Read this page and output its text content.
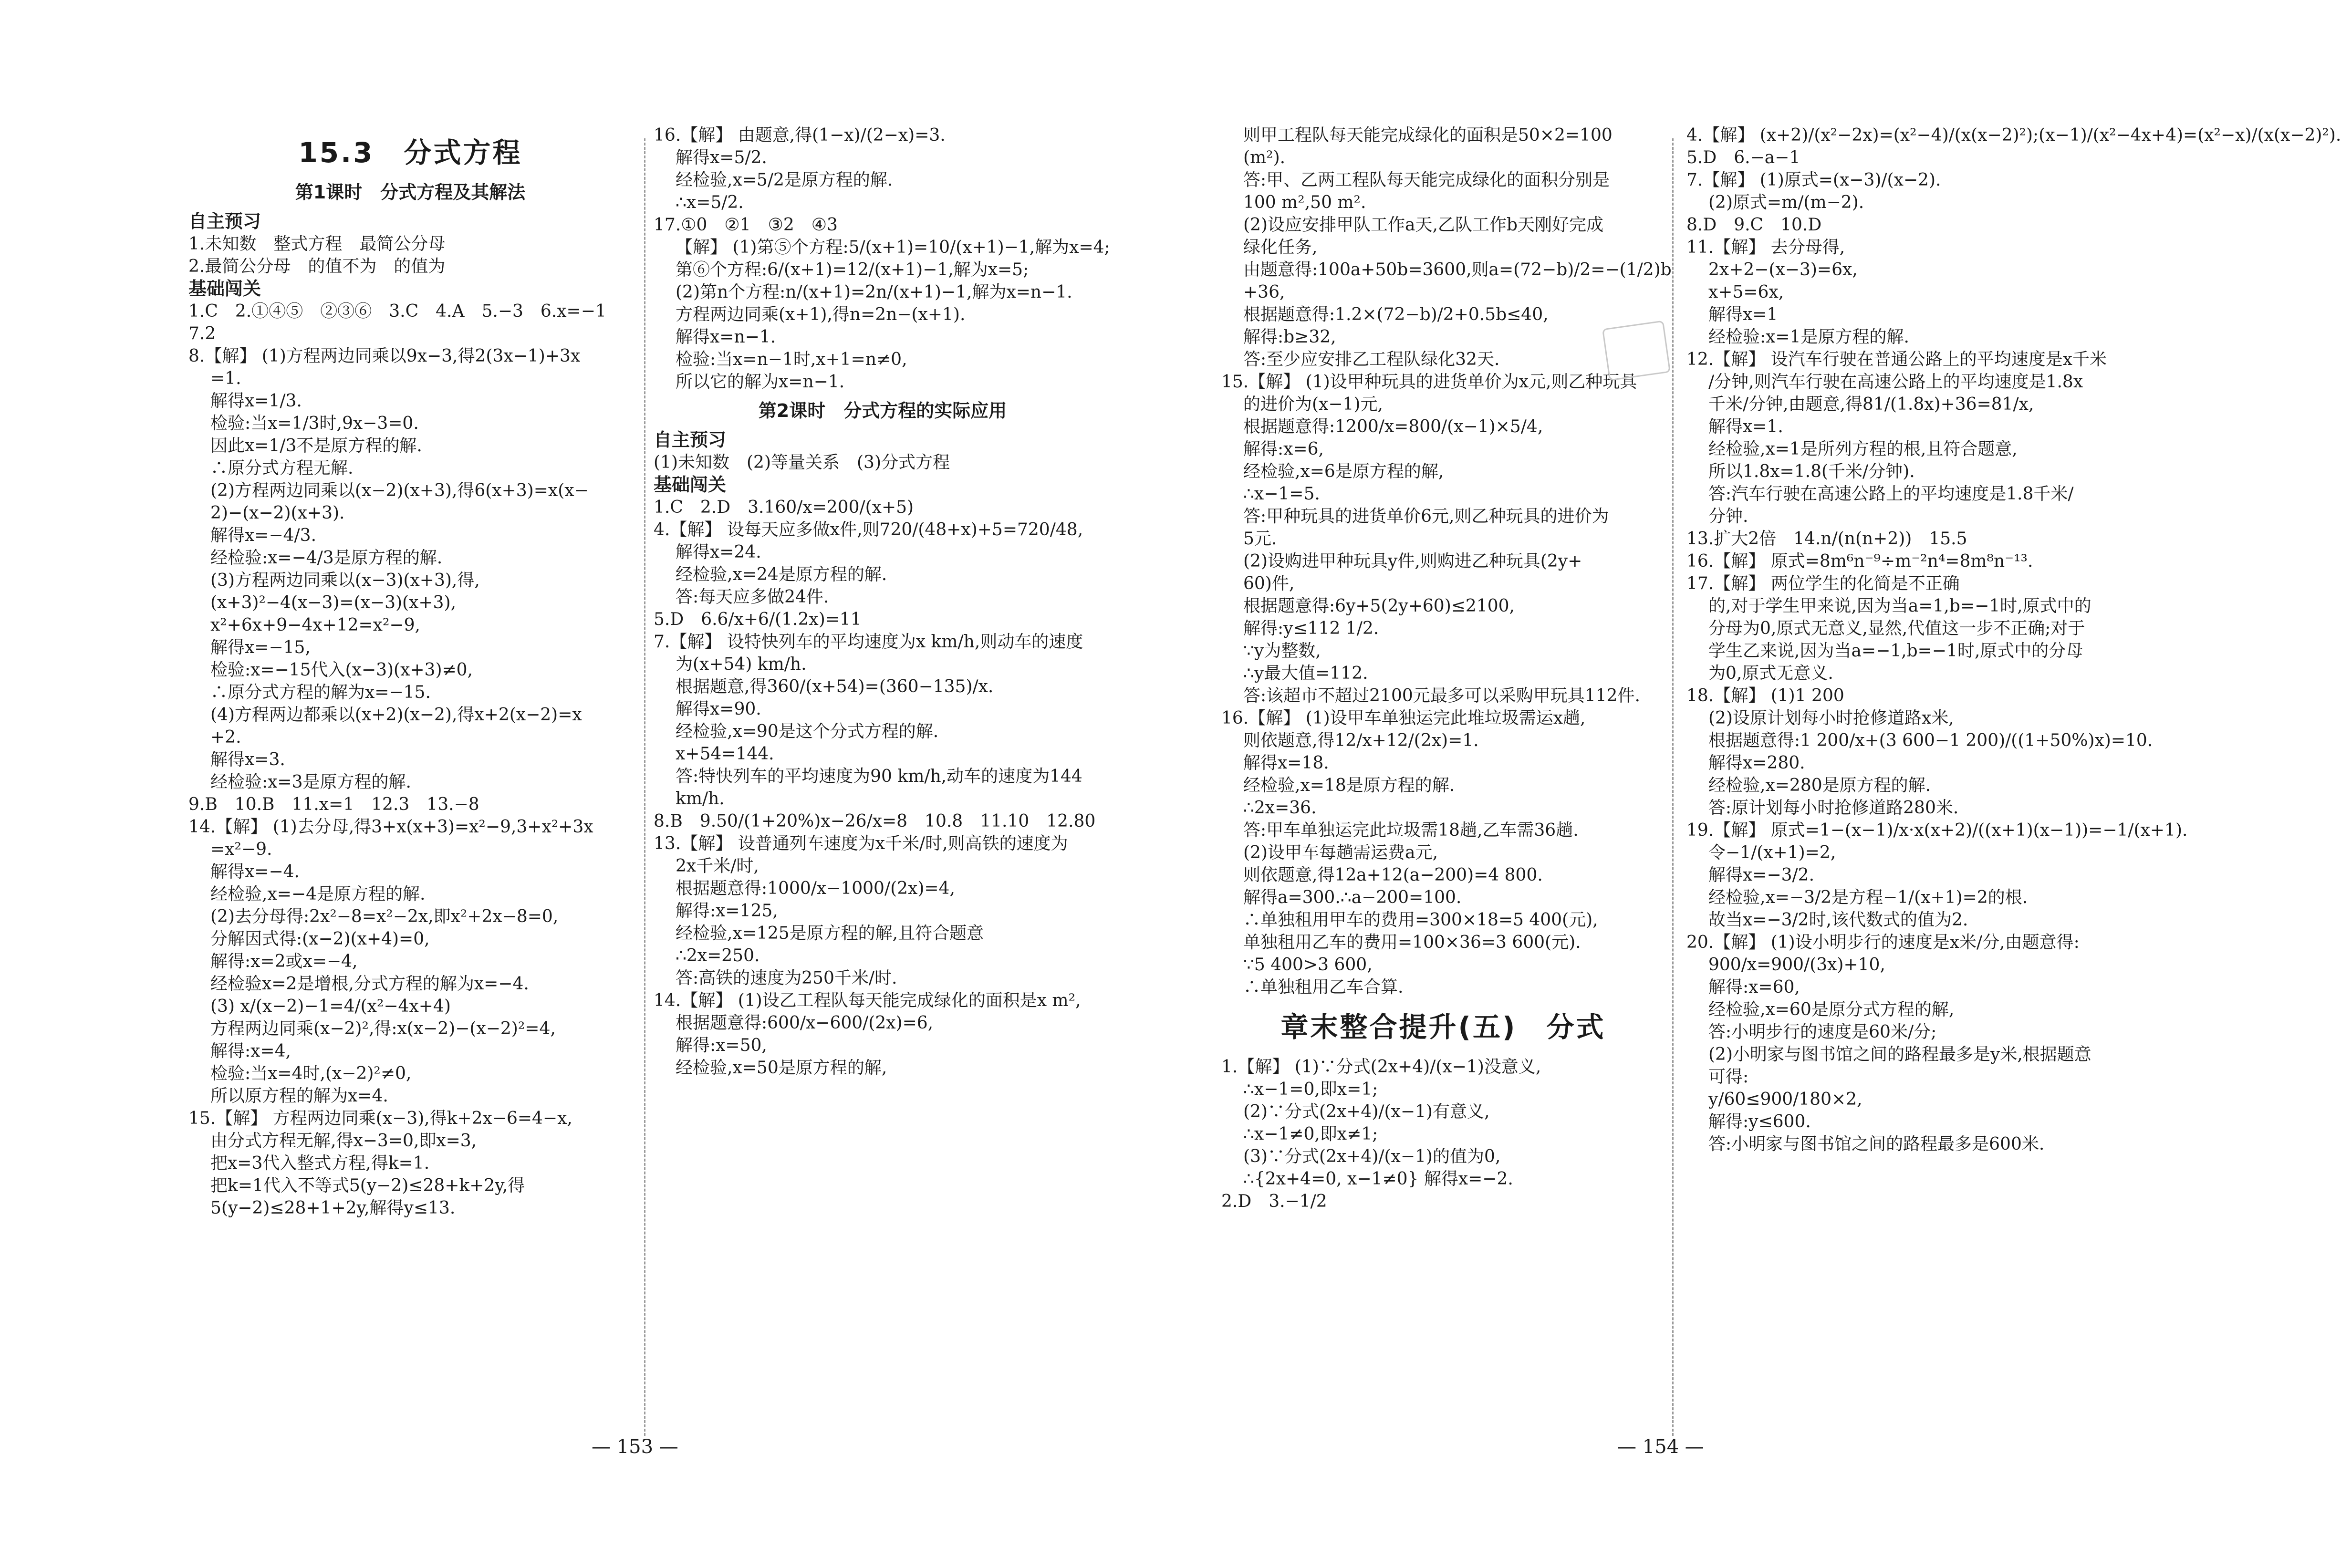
15.3　分式方程

第1课时　分式方程及其解法

自主预习

1.未知数　整式方程　最简公分母

2.最简公分母　的值不为　的值为

基础闯关

1.C　2.①④⑤　②③⑥　3.C　4.A　5.−3　6.x=−1

7.2

8.【解】 (1)方程两边同乘以9x−3,得2(3x−1)+3x

=1.

解得x=1/3.

检验:当x=1/3时,9x−3=0.

因此x=1/3不是原方程的解.

∴原分式方程无解.

(2)方程两边同乘以(x−2)(x+3),得6(x+3)=x(x−

2)−(x−2)(x+3).

解得x=−4/3.

经检验:x=−4/3是原方程的解.

(3)方程两边同乘以(x−3)(x+3),得,

(x+3)²−4(x−3)=(x−3)(x+3),

x²+6x+9−4x+12=x²−9,

解得x=−15,

检验:x=−15代入(x−3)(x+3)≠0,

∴原分式方程的解为x=−15.

(4)方程两边都乘以(x+2)(x−2),得x+2(x−2)=x

+2.

解得x=3.

经检验:x=3是原方程的解.

9.B　10.B　11.x=1　12.3　13.−8

14.【解】 (1)去分母,得3+x(x+3)=x²−9,3+x²+3x

=x²−9.

解得x=−4.

经检验,x=−4是原方程的解.

(2)去分母得:2x²−8=x²−2x,即x²+2x−8=0,

分解因式得:(x−2)(x+4)=0,

解得:x=2或x=−4,

经检验x=2是增根,分式方程的解为x=−4.

(3) x/(x−2)−1=4/(x²−4x+4)

方程两边同乘(x−2)²,得:x(x−2)−(x−2)²=4,

解得:x=4,

检验:当x=4时,(x−2)²≠0,

所以原方程的解为x=4.

15.【解】 方程两边同乘(x−3),得k+2x−6=4−x,

由分式方程无解,得x−3=0,即x=3,

把x=3代入整式方程,得k=1.

把k=1代入不等式5(y−2)≤28+k+2y,得

5(y−2)≤28+1+2y,解得y≤13.

16.【解】 由题意,得(1−x)/(2−x)=3.

解得x=5/2.

经检验,x=5/2是原方程的解.

∴x=5/2.

17.①0　②1　③2　④3

【解】 (1)第⑤个方程:5/(x+1)=10/(x+1)−1,解为x=4;

第⑥个方程:6/(x+1)=12/(x+1)−1,解为x=5;

(2)第n个方程:n/(x+1)=2n/(x+1)−1,解为x=n−1.

方程两边同乘(x+1),得n=2n−(x+1).

解得x=n−1.

检验:当x=n−1时,x+1=n≠0,

所以它的解为x=n−1.

第2课时　分式方程的实际应用

自主预习

(1)未知数　(2)等量关系　(3)分式方程

基础闯关

1.C　2.D　3.160/x=200/(x+5)

4.【解】 设每天应多做x件,则720/(48+x)+5=720/48,

解得x=24.

经检验,x=24是原方程的解.

答:每天应多做24件.

5.D　6.6/x+6/(1.2x)=11

7.【解】 设特快列车的平均速度为x km/h,则动车的速度

为(x+54) km/h.

根据题意,得360/(x+54)=(360−135)/x.

解得x=90.

经检验,x=90是这个分式方程的解.

x+54=144.

答:特快列车的平均速度为90 km/h,动车的速度为144

km/h.

8.B　9.50/(1+20%)x−26/x=8　10.8　11.10　12.80

13.【解】 设普通列车速度为x千米/时,则高铁的速度为

2x千米/时,

根据题意得:1000/x−1000/(2x)=4,

解得:x=125,

经检验,x=125是原方程的解,且符合题意

∴2x=250.

答:高铁的速度为250千米/时.

14.【解】 (1)设乙工程队每天能完成绿化的面积是x m²,

根据题意得:600/x−600/(2x)=6,

解得:x=50,

经检验,x=50是原方程的解,

则甲工程队每天能完成绿化的面积是50×2=100

(m²).

答:甲、乙两工程队每天能完成绿化的面积分别是

100 m²,50 m².

(2)设应安排甲队工作a天,乙队工作b天刚好完成

绿化任务,

由题意得:100a+50b=3600,则a=(72−b)/2=−(1/2)b

+36,

根据题意得:1.2×(72−b)/2+0.5b≤40,

解得:b≥32,

答:至少应安排乙工程队绿化32天.

15.【解】 (1)设甲种玩具的进货单价为x元,则乙种玩具

的进价为(x−1)元,

根据题意得:1200/x=800/(x−1)×5/4,

解得:x=6,

经检验,x=6是原方程的解,

∴x−1=5.

答:甲种玩具的进货单价6元,则乙种玩具的进价为

5元.

(2)设购进甲种玩具y件,则购进乙种玩具(2y+

60)件,

根据题意得:6y+5(2y+60)≤2100,

解得:y≤112 1/2.

∵y为整数,

∴y最大值=112.

答:该超市不超过2100元最多可以采购甲玩具112件.

16.【解】 (1)设甲车单独运完此堆垃圾需运x趟,

则依题意,得12/x+12/(2x)=1.

解得x=18.

经检验,x=18是原方程的解.

∴2x=36.

答:甲车单独运完此垃圾需18趟,乙车需36趟.

(2)设甲车每趟需运费a元,

则依题意,得12a+12(a−200)=4 800.

解得a=300.∴a−200=100.

∴单独租用甲车的费用=300×18=5 400(元),

单独租用乙车的费用=100×36=3 600(元).

∵5 400>3 600,

∴单独租用乙车合算.

章末整合提升(五)　分式

1.【解】 (1)∵分式(2x+4)/(x−1)没意义,

∴x−1=0,即x=1;

(2)∵分式(2x+4)/(x−1)有意义,

∴x−1≠0,即x≠1;

(3)∵分式(2x+4)/(x−1)的值为0,

∴{2x+4=0, x−1≠0} 解得x=−2.

2.D　3.−1/2

4.【解】 (x+2)/(x²−2x)=(x²−4)/(x(x−2)²);(x−1)/(x²−4x+4)=(x²−x)/(x(x−2)²).

5.D　6.−a−1

7.【解】 (1)原式=(x−3)/(x−2).

(2)原式=m/(m−2).

8.D　9.C　10.D

11.【解】 去分母得,

2x+2−(x−3)=6x,

x+5=6x,

解得x=1

经检验:x=1是原方程的解.

12.【解】 设汽车行驶在普通公路上的平均速度是x千米

/分钟,则汽车行驶在高速公路上的平均速度是1.8x

千米/分钟,由题意,得81/(1.8x)+36=81/x,

解得x=1.

经检验,x=1是所列方程的根,且符合题意,

所以1.8x=1.8(千米/分钟).

答:汽车行驶在高速公路上的平均速度是1.8千米/

分钟.

13.扩大2倍　14.n/(n(n+2))　15.5

16.【解】 原式=8m⁶n⁻⁹÷m⁻²n⁴=8m⁸n⁻¹³.

17.【解】 两位学生的化简是不正确

的,对于学生甲来说,因为当a=1,b=−1时,原式中的

分母为0,原式无意义,显然,代值这一步不正确;对于

学生乙来说,因为当a=−1,b=−1时,原式中的分母

为0,原式无意义.

18.【解】 (1)1 200

(2)设原计划每小时抢修道路x米,

根据题意得:1 200/x+(3 600−1 200)/((1+50%)x)=10.

解得x=280.

经检验,x=280是原方程的解.

答:原计划每小时抢修道路280米.

19.【解】 原式=1−(x−1)/x·x(x+2)/((x+1)(x−1))=−1/(x+1).

令−1/(x+1)=2,

解得x=−3/2.

经检验,x=−3/2是方程−1/(x+1)=2的根.

故当x=−3/2时,该代数式的值为2.

20.【解】 (1)设小明步行的速度是x米/分,由题意得:

900/x=900/(3x)+10,

解得:x=60,

经检验,x=60是原分式方程的解,

答:小明步行的速度是60米/分;

(2)小明家与图书馆之间的路程最多是y米,根据题意

可得:

y/60≤900/180×2,

解得:y≤600.

答:小明家与图书馆之间的路程最多是600米.

— 153 —	— 154 —
